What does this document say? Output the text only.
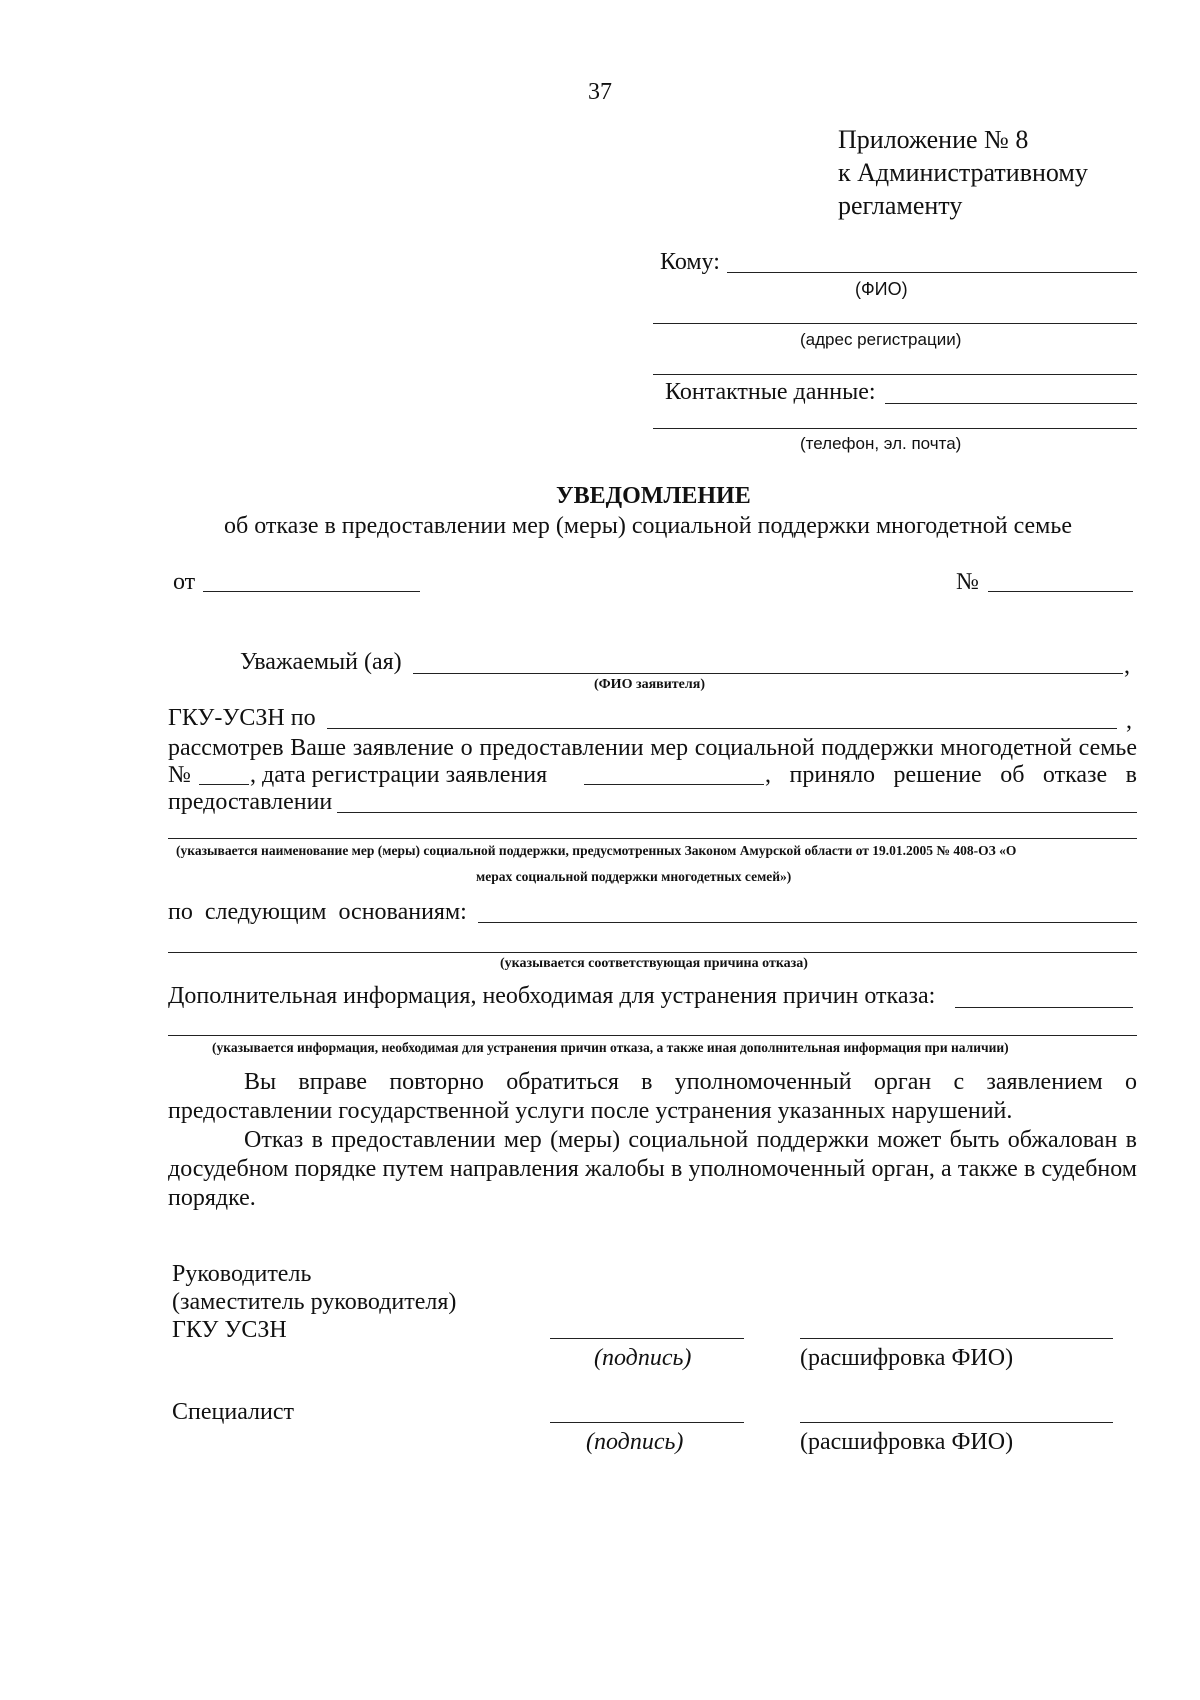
37
Приложение № 8
к Административному
регламенту
Кому:
(ФИО)
(адрес регистрации)
Контактные данные:
(телефон, эл. почта)
УВЕДОМЛЕНИЕ
об отказе в предоставлении мер (меры) социальной поддержки многодетной семье
от	№
Уважаемый (ая)	,
(ФИО заявителя)
ГКУ-УСЗН по	,
рассмотрев Ваше заявление о предоставлении мер социальной поддержки многодетной семье
№ , дата регистрации заявления	, приняло решение об отказе в
предоставлении
(указывается наименование мер (меры) социальной поддержки, предусмотренных Законом Амурской области от 19.01.2005 № 408-ОЗ «О
мерах социальной поддержки многодетных семей»)
по следующим основаниям:
(указывается соответствующая причина отказа)
Дополнительная информация, необходимая для устранения причин отказа:
(указывается информация, необходимая для устранения причин отказа, а также иная дополнительная информация при наличии)
Вы вправе повторно обратиться в уполномоченный орган с заявлением о предоставлении государственной услуги после устранения указанных нарушений.
Отказ в предоставлении мер (меры) социальной поддержки может быть обжалован в досудебном порядке путем направления жалобы в уполномоченный орган, а также в судебном порядке.
Руководитель
(заместитель руководителя)
ГКУ УСЗН
(подпись)	(расшифровка ФИО)
Специалист
(подпись)	(расшифровка ФИО)
